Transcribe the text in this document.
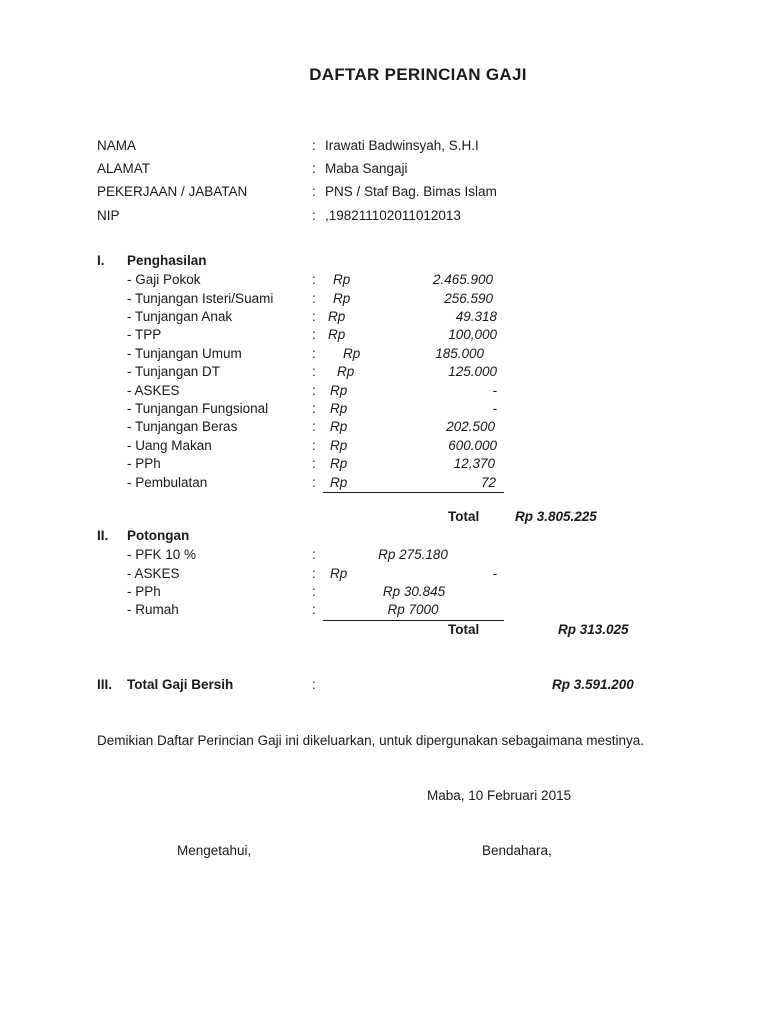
DAFTAR PERINCIAN GAJI
NAMA	: Irawati Badwinsyah, S.H.I
ALAMAT	: Maba Sangaji
PEKERJAAN / JABATAN	: PNS / Staf Bag. Bimas Islam
NIP	: ,198211102011012013
I. Penghasilan
- Gaji Pokok	: Rp	2.465.900
- Tunjangan Isteri/Suami	: Rp	256.590
- Tunjangan Anak	: Rp	49.318
- TPP	: Rp	100,000
- Tunjangan Umum	: Rp	185.000
- Tunjangan DT	: Rp	125.000
- ASKES	: Rp	-
- Tunjangan Fungsional	: Rp	-
- Tunjangan Beras	: Rp	202.500
- Uang Makan	: Rp	600.000
- PPh	: Rp	12,370
- Pembulatan	: Rp	72
Total	Rp 3.805.225
II. Potongan
- PFK 10 %	:	Rp 275.180
- ASKES	: Rp	-
- PPh	:	Rp 30.845
- Rumah	:	Rp 7000
Total	Rp 313.025
III. Total Gaji Bersih	:	Rp 3.591.200
Demikian Daftar Perincian Gaji ini dikeluarkan, untuk dipergunakan sebagaimana mestinya.
Maba, 10 Februari 2015
Mengetahui,	Bendahara,
